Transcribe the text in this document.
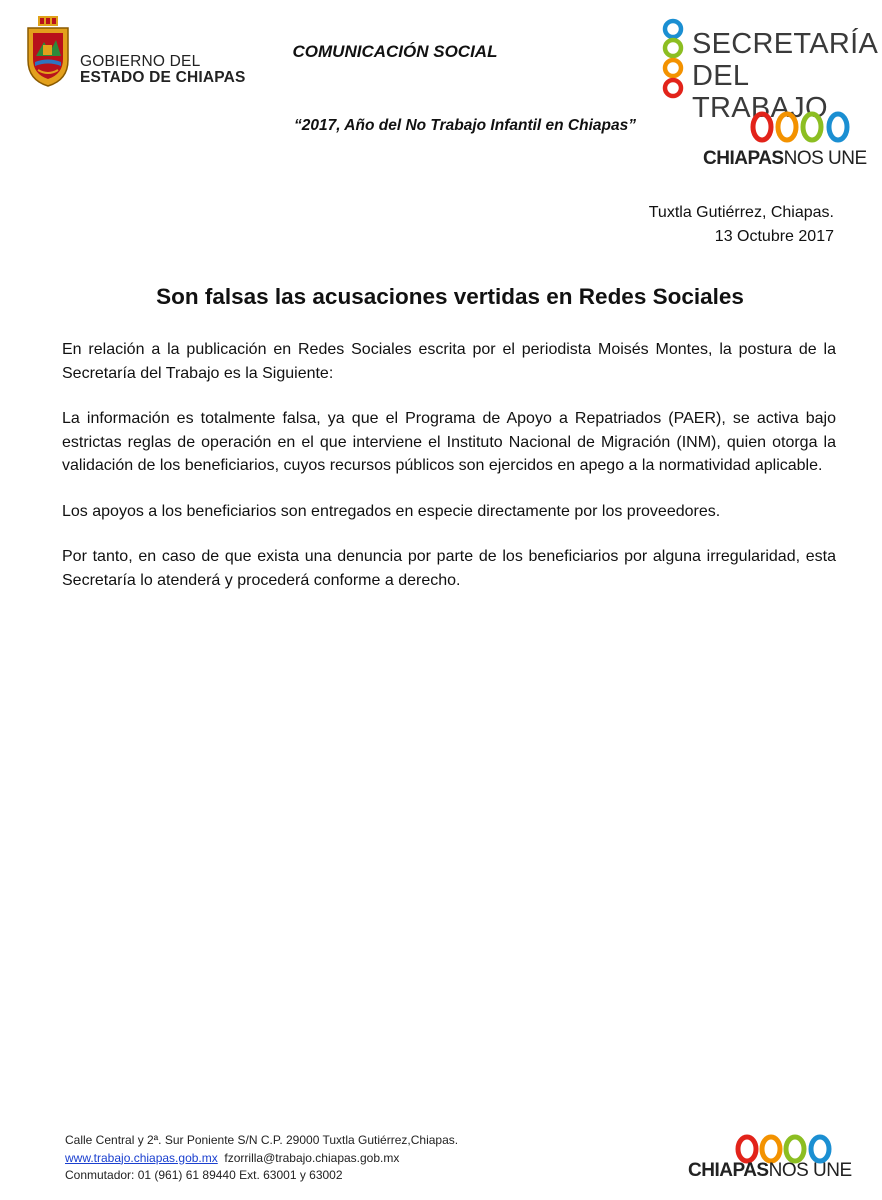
GOBIERNO DEL
ESTADO DE CHIAPAS
COMUNICACIÓN SOCIAL
“2017, Año del No Trabajo Infantil en Chiapas”
SECRETARÍA
DEL TRABAJO
CHIAPASNOS UNE
Tuxtla Gutiérrez, Chiapas.
13 Octubre 2017
Son falsas las acusaciones vertidas en Redes Sociales

En relación a la publicación en Redes Sociales escrita por el periodista Moisés Montes, la postura de la Secretaría del Trabajo es la Siguiente:

La información es totalmente falsa, ya que el Programa de Apoyo a Repatriados (PAER), se activa bajo estrictas reglas de operación en el que interviene el Instituto Nacional de Migración (INM), quien otorga la validación de los beneficiarios, cuyos recursos públicos son ejercidos en apego a la normatividad aplicable.

Los apoyos a los beneficiarios son entregados en especie directamente por los proveedores.

Por tanto, en caso de que exista una denuncia por parte de los beneficiarios por alguna irregularidad, esta Secretaría lo atenderá y procederá conforme a derecho.

Calle Central y 2ª. Sur Poniente S/N C.P. 29000 Tuxtla Gutiérrez,Chiapas.
www.trabajo.chiapas.gob.mx fzorrilla@trabajo.chiapas.gob.mx
Conmutador: 01 (961) 61 89440 Ext. 63001 y 63002	CHIAPASNOS UNE
